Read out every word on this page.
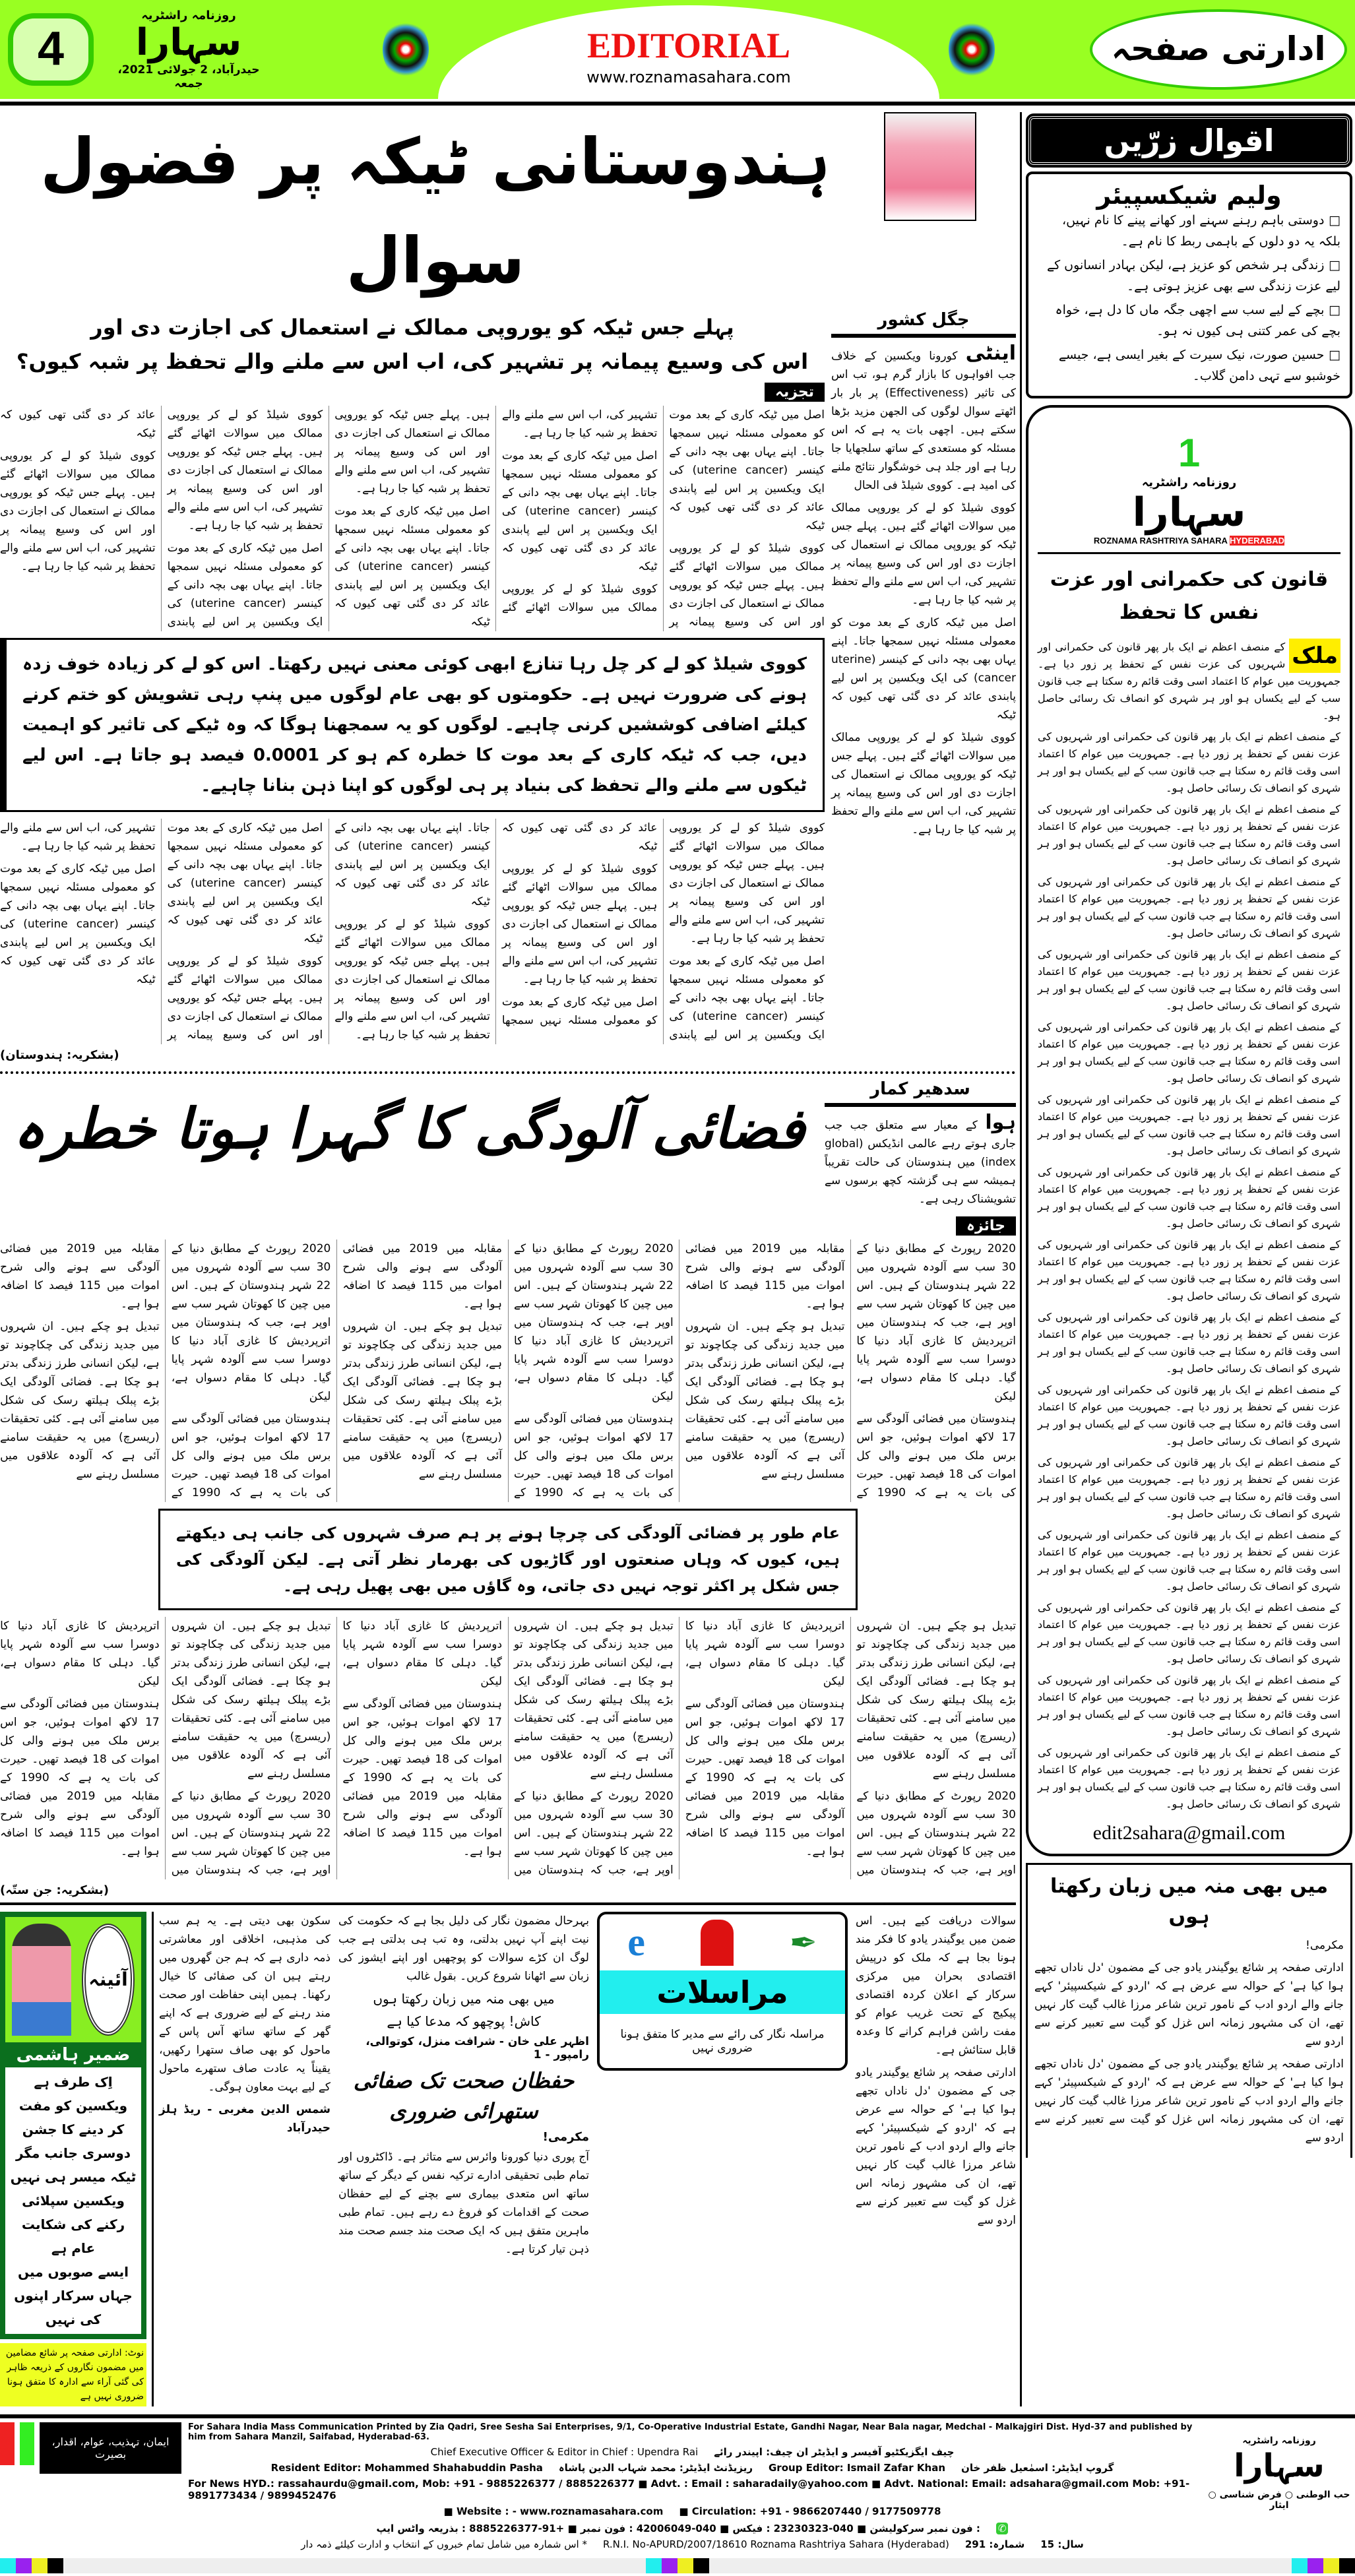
4
روزنامہ راشٹریہ
سہارا
حیدرآباد، 2 جولائی 2021، جمعہ
EDITORIAL
www.roznamasahara.com
ادارتی صفحہ
ہندوستانی ٹیکہ پر فضول سوال
پہلے جس ٹیکہ کو یوروپی ممالک نے استعمال کی اجازت دی اور
اس کی وسیع پیمانہ پر تشہیر کی، اب اس سے ملنے والے تحفظ پر شبہ کیوں؟
تجزیہ

اصل میں ٹیکہ کاری کے بعد موت کو معمولی مسئلہ نہیں سمجھا جاتا۔ اپنے یہاں بھی بچہ دانی کے کینسر (uterine cancer) کی ایک ویکسین پر اس لیے پابندی عائد کر دی گئی تھی کیوں کہ ٹیکہ

کووی شیلڈ کو لے کر یوروپی ممالک میں سوالات اٹھائے گئے ہیں۔ پہلے جس ٹیکہ کو یوروپی ممالک نے استعمال کی اجازت دی اور اس کی وسیع پیمانہ پر تشہیر کی، اب اس سے ملنے والے تحفظ پر شبہ کیا جا رہا ہے۔

اصل میں ٹیکہ کاری کے بعد موت کو معمولی مسئلہ نہیں سمجھا جاتا۔ اپنے یہاں بھی بچہ دانی کے کینسر (uterine cancer) کی ایک ویکسین پر اس لیے پابندی عائد کر دی گئی تھی کیوں کہ ٹیکہ

کووی شیلڈ کو لے کر یوروپی ممالک میں سوالات اٹھائے گئے ہیں۔ پہلے جس ٹیکہ کو یوروپی ممالک نے استعمال کی اجازت دی اور اس کی وسیع پیمانہ پر تشہیر کی، اب اس سے ملنے والے تحفظ پر شبہ کیا جا رہا ہے۔

اصل میں ٹیکہ کاری کے بعد موت کو معمولی مسئلہ نہیں سمجھا جاتا۔ اپنے یہاں بھی بچہ دانی کے کینسر (uterine cancer) کی ایک ویکسین پر اس لیے پابندی عائد کر دی گئی تھی کیوں کہ ٹیکہ

کووی شیلڈ کو لے کر یوروپی ممالک میں سوالات اٹھائے گئے ہیں۔ پہلے جس ٹیکہ کو یوروپی ممالک نے استعمال کی اجازت دی اور اس کی وسیع پیمانہ پر تشہیر کی، اب اس سے ملنے والے تحفظ پر شبہ کیا جا رہا ہے۔

اصل میں ٹیکہ کاری کے بعد موت کو معمولی مسئلہ نہیں سمجھا جاتا۔ اپنے یہاں بھی بچہ دانی کے کینسر (uterine cancer) کی ایک ویکسین پر اس لیے پابندی عائد کر دی گئی تھی کیوں کہ ٹیکہ

کووی شیلڈ کو لے کر یوروپی ممالک میں سوالات اٹھائے گئے ہیں۔ پہلے جس ٹیکہ کو یوروپی ممالک نے استعمال کی اجازت دی اور اس کی وسیع پیمانہ پر تشہیر کی، اب اس سے ملنے والے تحفظ پر شبہ کیا جا رہا ہے۔

کووی شیلڈ کو لے کر چل رہا تنازع ابھی کوئی معنی نہیں رکھتا۔ اس کو لے کر زیادہ خوف زدہ ہونے کی ضرورت نہیں ہے۔ حکومتوں کو بھی عام لوگوں میں پنپ رہی تشویش کو ختم کرنے کیلئے اضافی کوششیں کرنی چاہیے۔ لوگوں کو یہ سمجھنا ہوگا کہ وہ ٹیکے کی تاثیر کو اہمیت دیں، جب کہ ٹیکہ کاری کے بعد موت کا خطرہ کم ہو کر 0.0001 فیصد ہو جاتا ہے۔ اس لیے ٹیکوں سے ملنے والے تحفظ کی بنیاد پر ہی لوگوں کو اپنا ذہن بنانا چاہیے۔

کووی شیلڈ کو لے کر یوروپی ممالک میں سوالات اٹھائے گئے ہیں۔ پہلے جس ٹیکہ کو یوروپی ممالک نے استعمال کی اجازت دی اور اس کی وسیع پیمانہ پر تشہیر کی، اب اس سے ملنے والے تحفظ پر شبہ کیا جا رہا ہے۔

اصل میں ٹیکہ کاری کے بعد موت کو معمولی مسئلہ نہیں سمجھا جاتا۔ اپنے یہاں بھی بچہ دانی کے کینسر (uterine cancer) کی ایک ویکسین پر اس لیے پابندی عائد کر دی گئی تھی کیوں کہ ٹیکہ

کووی شیلڈ کو لے کر یوروپی ممالک میں سوالات اٹھائے گئے ہیں۔ پہلے جس ٹیکہ کو یوروپی ممالک نے استعمال کی اجازت دی اور اس کی وسیع پیمانہ پر تشہیر کی، اب اس سے ملنے والے تحفظ پر شبہ کیا جا رہا ہے۔

اصل میں ٹیکہ کاری کے بعد موت کو معمولی مسئلہ نہیں سمجھا جاتا۔ اپنے یہاں بھی بچہ دانی کے کینسر (uterine cancer) کی ایک ویکسین پر اس لیے پابندی عائد کر دی گئی تھی کیوں کہ ٹیکہ

کووی شیلڈ کو لے کر یوروپی ممالک میں سوالات اٹھائے گئے ہیں۔ پہلے جس ٹیکہ کو یوروپی ممالک نے استعمال کی اجازت دی اور اس کی وسیع پیمانہ پر تشہیر کی، اب اس سے ملنے والے تحفظ پر شبہ کیا جا رہا ہے۔

اصل میں ٹیکہ کاری کے بعد موت کو معمولی مسئلہ نہیں سمجھا جاتا۔ اپنے یہاں بھی بچہ دانی کے کینسر (uterine cancer) کی ایک ویکسین پر اس لیے پابندی عائد کر دی گئی تھی کیوں کہ ٹیکہ

کووی شیلڈ کو لے کر یوروپی ممالک میں سوالات اٹھائے گئے ہیں۔ پہلے جس ٹیکہ کو یوروپی ممالک نے استعمال کی اجازت دی اور اس کی وسیع پیمانہ پر تشہیر کی، اب اس سے ملنے والے تحفظ پر شبہ کیا جا رہا ہے۔

اصل میں ٹیکہ کاری کے بعد موت کو معمولی مسئلہ نہیں سمجھا جاتا۔ اپنے یہاں بھی بچہ دانی کے کینسر (uterine cancer) کی ایک ویکسین پر اس لیے پابندی عائد کر دی گئی تھی کیوں کہ ٹیکہ

(بشکریہ: ہندوستان)
جگل کشور

اینٹی کورونا ویکسین کے خلاف جب افواہوں کا بازار گرم ہو، تب اس کی تاثیر (Effectiveness) پر بار بار اٹھتے سوال لوگوں کی الجھن مزید بڑھا سکتے ہیں۔ اچھی بات یہ ہے کہ اس مسئلہ کو مستعدی کے ساتھ سلجھایا جا رہا ہے اور جلد ہی خوشگوار نتائج ملنے کی امید ہے۔ کووی شیلڈ فی الحال

کووی شیلڈ کو لے کر یوروپی ممالک میں سوالات اٹھائے گئے ہیں۔ پہلے جس ٹیکہ کو یوروپی ممالک نے استعمال کی اجازت دی اور اس کی وسیع پیمانہ پر تشہیر کی، اب اس سے ملنے والے تحفظ پر شبہ کیا جا رہا ہے۔

اصل میں ٹیکہ کاری کے بعد موت کو معمولی مسئلہ نہیں سمجھا جاتا۔ اپنے یہاں بھی بچہ دانی کے کینسر (uterine cancer) کی ایک ویکسین پر اس لیے پابندی عائد کر دی گئی تھی کیوں کہ ٹیکہ

کووی شیلڈ کو لے کر یوروپی ممالک میں سوالات اٹھائے گئے ہیں۔ پہلے جس ٹیکہ کو یوروپی ممالک نے استعمال کی اجازت دی اور اس کی وسیع پیمانہ پر تشہیر کی، اب اس سے ملنے والے تحفظ پر شبہ کیا جا رہا ہے۔

فضائی آلودگی کا گہرا ہوتا خطرہ
سدھیر کمار

ہوا کے معیار سے متعلق جب جب جاری ہوتے رہے عالمی انڈیکس (global index) میں ہندوستان کی حالت تقریباً ہمیشہ سے ہی گزشتہ کچھ برسوں سے تشویشناک رہی ہے۔

جائزہ

2020 رپورٹ کے مطابق دنیا کے 30 سب سے آلودہ شہروں میں 22 شہر ہندوستان کے ہیں۔ اس میں چین کا کھوتان شہر سب سے اوپر ہے، جب کہ ہندوستان میں اترپردیش کا غازی آباد دنیا کا دوسرا سب سے آلودہ شہر پایا گیا۔ دہلی کا مقام دسواں ہے، لیکن

ہندوستان میں فضائی آلودگی سے 17 لاکھ اموات ہوئیں، جو اس برس ملک میں ہونے والی کل اموات کی 18 فیصد تھیں۔ حیرت کی بات یہ ہے کہ 1990 کے مقابلہ میں 2019 میں فضائی آلودگی سے ہونے والی شرح اموات میں 115 فیصد کا اضافہ ہوا ہے۔

تبدیل ہو چکے ہیں۔ ان شہروں میں جدید زندگی کی چکاچوند تو ہے، لیکن انسانی طرز زندگی بدتر ہو چکا ہے۔ فضائی آلودگی ایک بڑے پبلک ہیلتھ رسک کی شکل میں سامنے آئی ہے۔ کئی تحقیقات (ریسرچ) میں یہ حقیقت سامنے آئی ہے کہ آلودہ علاقوں میں مسلسل رہنے سے

2020 رپورٹ کے مطابق دنیا کے 30 سب سے آلودہ شہروں میں 22 شہر ہندوستان کے ہیں۔ اس میں چین کا کھوتان شہر سب سے اوپر ہے، جب کہ ہندوستان میں اترپردیش کا غازی آباد دنیا کا دوسرا سب سے آلودہ شہر پایا گیا۔ دہلی کا مقام دسواں ہے، لیکن

ہندوستان میں فضائی آلودگی سے 17 لاکھ اموات ہوئیں، جو اس برس ملک میں ہونے والی کل اموات کی 18 فیصد تھیں۔ حیرت کی بات یہ ہے کہ 1990 کے مقابلہ میں 2019 میں فضائی آلودگی سے ہونے والی شرح اموات میں 115 فیصد کا اضافہ ہوا ہے۔

تبدیل ہو چکے ہیں۔ ان شہروں میں جدید زندگی کی چکاچوند تو ہے، لیکن انسانی طرز زندگی بدتر ہو چکا ہے۔ فضائی آلودگی ایک بڑے پبلک ہیلتھ رسک کی شکل میں سامنے آئی ہے۔ کئی تحقیقات (ریسرچ) میں یہ حقیقت سامنے آئی ہے کہ آلودہ علاقوں میں مسلسل رہنے سے

2020 رپورٹ کے مطابق دنیا کے 30 سب سے آلودہ شہروں میں 22 شہر ہندوستان کے ہیں۔ اس میں چین کا کھوتان شہر سب سے اوپر ہے، جب کہ ہندوستان میں اترپردیش کا غازی آباد دنیا کا دوسرا سب سے آلودہ شہر پایا گیا۔ دہلی کا مقام دسواں ہے، لیکن

ہندوستان میں فضائی آلودگی سے 17 لاکھ اموات ہوئیں، جو اس برس ملک میں ہونے والی کل اموات کی 18 فیصد تھیں۔ حیرت کی بات یہ ہے کہ 1990 کے مقابلہ میں 2019 میں فضائی آلودگی سے ہونے والی شرح اموات میں 115 فیصد کا اضافہ ہوا ہے۔

تبدیل ہو چکے ہیں۔ ان شہروں میں جدید زندگی کی چکاچوند تو ہے، لیکن انسانی طرز زندگی بدتر ہو چکا ہے۔ فضائی آلودگی ایک بڑے پبلک ہیلتھ رسک کی شکل میں سامنے آئی ہے۔ کئی تحقیقات (ریسرچ) میں یہ حقیقت سامنے آئی ہے کہ آلودہ علاقوں میں مسلسل رہنے سے

عام طور پر فضائی آلودگی کی چرچا ہونے پر ہم صرف شہروں کی جانب ہی دیکھتے ہیں، کیوں کہ وہاں صنعتوں اور گاڑیوں کی بھرمار نظر آتی ہے۔ لیکن آلودگی کی جس شکل پر اکثر توجہ نہیں دی جاتی، وہ گاؤں میں بھی پھیل رہی ہے۔

تبدیل ہو چکے ہیں۔ ان شہروں میں جدید زندگی کی چکاچوند تو ہے، لیکن انسانی طرز زندگی بدتر ہو چکا ہے۔ فضائی آلودگی ایک بڑے پبلک ہیلتھ رسک کی شکل میں سامنے آئی ہے۔ کئی تحقیقات (ریسرچ) میں یہ حقیقت سامنے آئی ہے کہ آلودہ علاقوں میں مسلسل رہنے سے

2020 رپورٹ کے مطابق دنیا کے 30 سب سے آلودہ شہروں میں 22 شہر ہندوستان کے ہیں۔ اس میں چین کا کھوتان شہر سب سے اوپر ہے، جب کہ ہندوستان میں اترپردیش کا غازی آباد دنیا کا دوسرا سب سے آلودہ شہر پایا گیا۔ دہلی کا مقام دسواں ہے، لیکن

ہندوستان میں فضائی آلودگی سے 17 لاکھ اموات ہوئیں، جو اس برس ملک میں ہونے والی کل اموات کی 18 فیصد تھیں۔ حیرت کی بات یہ ہے کہ 1990 کے مقابلہ میں 2019 میں فضائی آلودگی سے ہونے والی شرح اموات میں 115 فیصد کا اضافہ ہوا ہے۔

تبدیل ہو چکے ہیں۔ ان شہروں میں جدید زندگی کی چکاچوند تو ہے، لیکن انسانی طرز زندگی بدتر ہو چکا ہے۔ فضائی آلودگی ایک بڑے پبلک ہیلتھ رسک کی شکل میں سامنے آئی ہے۔ کئی تحقیقات (ریسرچ) میں یہ حقیقت سامنے آئی ہے کہ آلودہ علاقوں میں مسلسل رہنے سے

2020 رپورٹ کے مطابق دنیا کے 30 سب سے آلودہ شہروں میں 22 شہر ہندوستان کے ہیں۔ اس میں چین کا کھوتان شہر سب سے اوپر ہے، جب کہ ہندوستان میں اترپردیش کا غازی آباد دنیا کا دوسرا سب سے آلودہ شہر پایا گیا۔ دہلی کا مقام دسواں ہے، لیکن

ہندوستان میں فضائی آلودگی سے 17 لاکھ اموات ہوئیں، جو اس برس ملک میں ہونے والی کل اموات کی 18 فیصد تھیں۔ حیرت کی بات یہ ہے کہ 1990 کے مقابلہ میں 2019 میں فضائی آلودگی سے ہونے والی شرح اموات میں 115 فیصد کا اضافہ ہوا ہے۔

تبدیل ہو چکے ہیں۔ ان شہروں میں جدید زندگی کی چکاچوند تو ہے، لیکن انسانی طرز زندگی بدتر ہو چکا ہے۔ فضائی آلودگی ایک بڑے پبلک ہیلتھ رسک کی شکل میں سامنے آئی ہے۔ کئی تحقیقات (ریسرچ) میں یہ حقیقت سامنے آئی ہے کہ آلودہ علاقوں میں مسلسل رہنے سے

2020 رپورٹ کے مطابق دنیا کے 30 سب سے آلودہ شہروں میں 22 شہر ہندوستان کے ہیں۔ اس میں چین کا کھوتان شہر سب سے اوپر ہے، جب کہ ہندوستان میں اترپردیش کا غازی آباد دنیا کا دوسرا سب سے آلودہ شہر پایا گیا۔ دہلی کا مقام دسواں ہے، لیکن

ہندوستان میں فضائی آلودگی سے 17 لاکھ اموات ہوئیں، جو اس برس ملک میں ہونے والی کل اموات کی 18 فیصد تھیں۔ حیرت کی بات یہ ہے کہ 1990 کے مقابلہ میں 2019 میں فضائی آلودگی سے ہونے والی شرح اموات میں 115 فیصد کا اضافہ ہوا ہے۔

(بشکریہ: جن ستّہ)
آئینہ
ضمیر ہاشمی
اِک طرف ہے ویکسین کو مفت کر دینے کا جشن
دوسری جانب مگر ٹیکہ میسر ہی نہیں
ویکسین سپلائی رکنے کی شکایت عام ہے
ایسے صوبوں میں جہاں سرکار اپنوں کی نہیں
نوٹ: ادارتی صفحہ پر شائع مضامین میں مضمون نگاروں کے ذریعہ ظاہر کی گئی آراء سے ادارہ کا متفق ہونا ضروری نہیں ہے

سکون بھی دیتی ہے۔ یہ ہم سب کی مذہبی، اخلاقی اور معاشرتی ذمہ داری ہے کہ ہم جن گھروں میں رہتے ہیں ان کی صفائی کا خیال رکھنا۔ ہمیں اپنی حفاظت اور صحت مند رہنے کے لیے ضروری ہے کہ اپنے گھر کے ساتھ ساتھ آس پاس کے ماحول کو بھی صاف ستھرا رکھیں، یقیناً یہ عادت صاف ستھرے ماحول کے لیے بہت معاون ہوگی۔

شمس الدین مغربی - ریڈ ہلز حیدرآباد

بہرحال مضمون نگار کی دلیل بجا ہے کہ حکومت کی نیت اپنے آپ نہیں بدلتی، وہ تب ہی بدلتی ہے جب لوگ ان کڑے سوالات کو پوچھیں اور اپنے ایشوز کی زبان سے اٹھانا شروع کریں۔ بقول غالب

میں بھی منہ میں زبان رکھتا ہوں

کاش! پوچھو کہ مدعا کیا ہے

اظہر علی خان - شرافت منزل، کوتوالی، رامپور - 1
حفظان صحت تک صفائی ستھرائی ضروری
مکرمی!
آج پوری دنیا کورونا وائرس سے متاثر ہے۔ ڈاکٹروں اور تمام طبی تحقیقی ادارے ترکیہ نفس کے دیگر کے ساتھ ساتھ اس متعدی بیماری سے بچنے کے لیے حفظان صحت کے اقدامات کو فروغ دے رہے ہیں۔ تمام طبی ماہرین متفق ہیں کہ ایک صحت مند جسم صحت مند ذہن تیار کرتا ہے۔
e	✒
مراسلات
مراسلہ نگار کی رائے سے مدیر کا متفق ہونا ضروری نہیں

سوالات دریافت کیے ہیں۔ اس ضمن میں یوگیندر یادو کا فکر مند ہونا بجا ہے کہ ملک کو درپیش اقتصادی بحران میں مرکزی سرکار کے اعلان کردہ اقتصادی پیکیج کے تحت غریب عوام کو مفت راشن فراہم کرانے کا وعدہ قابل ستائش ہے۔

ادارتی صفحہ پر شائع یوگیندر یادو جی کے مضمون 'دل ناداں تجھے ہوا کیا ہے' کے حوالہ سے عرض ہے کہ 'اردو کے شیکسپیئر' کہے جانے والے اردو ادب کے نامور ترین شاعر مرزا غالب گیت کار نہیں تھے، ان کی مشہور زمانہ اس غزل کو گیت سے تعبیر کرنے سے اردو سے

اقوال زرّیں
ولیم شیکسپیئر
□ دوستی باہم رہنے سہنے اور کھانے پینے کا نام نہیں، بلکہ یہ دو دلوں کے باہمی ربط کا نام ہے۔
□ زندگی ہر شخص کو عزیز ہے، لیکن بہادر انسانوں کے لیے عزت زندگی سے بھی عزیز ہوتی ہے۔
□ بچے کے لیے سب سے اچھی جگہ ماں کا دل ہے، خواہ بچے کی عمر کتنی ہی کیوں نہ ہو۔
□ حسین صورت، نیک سیرت کے بغیر ایسی ہے، جیسے خوشبو سے تہی دامن گلاب۔
1
روزنامہ راشٹریہ
سہارا
ROZNAMA RASHTRIYA SAHARA HYDERABAD
قانون کی حکمرانی اور عزت نفس کا تحفظ

ملک
کے منصف اعظم نے ایک بار پھر قانون کی حکمرانی اور شہریوں کی عزت نفس کے تحفظ پر زور دیا ہے۔ جمہوریت میں عوام کا اعتماد اسی وقت قائم رہ سکتا ہے جب قانون سب کے لیے یکساں ہو اور ہر شہری کو انصاف تک رسائی حاصل ہو۔

کے منصف اعظم نے ایک بار پھر قانون کی حکمرانی اور شہریوں کی عزت نفس کے تحفظ پر زور دیا ہے۔ جمہوریت میں عوام کا اعتماد اسی وقت قائم رہ سکتا ہے جب قانون سب کے لیے یکساں ہو اور ہر شہری کو انصاف تک رسائی حاصل ہو۔

کے منصف اعظم نے ایک بار پھر قانون کی حکمرانی اور شہریوں کی عزت نفس کے تحفظ پر زور دیا ہے۔ جمہوریت میں عوام کا اعتماد اسی وقت قائم رہ سکتا ہے جب قانون سب کے لیے یکساں ہو اور ہر شہری کو انصاف تک رسائی حاصل ہو۔

کے منصف اعظم نے ایک بار پھر قانون کی حکمرانی اور شہریوں کی عزت نفس کے تحفظ پر زور دیا ہے۔ جمہوریت میں عوام کا اعتماد اسی وقت قائم رہ سکتا ہے جب قانون سب کے لیے یکساں ہو اور ہر شہری کو انصاف تک رسائی حاصل ہو۔

کے منصف اعظم نے ایک بار پھر قانون کی حکمرانی اور شہریوں کی عزت نفس کے تحفظ پر زور دیا ہے۔ جمہوریت میں عوام کا اعتماد اسی وقت قائم رہ سکتا ہے جب قانون سب کے لیے یکساں ہو اور ہر شہری کو انصاف تک رسائی حاصل ہو۔

کے منصف اعظم نے ایک بار پھر قانون کی حکمرانی اور شہریوں کی عزت نفس کے تحفظ پر زور دیا ہے۔ جمہوریت میں عوام کا اعتماد اسی وقت قائم رہ سکتا ہے جب قانون سب کے لیے یکساں ہو اور ہر شہری کو انصاف تک رسائی حاصل ہو۔

کے منصف اعظم نے ایک بار پھر قانون کی حکمرانی اور شہریوں کی عزت نفس کے تحفظ پر زور دیا ہے۔ جمہوریت میں عوام کا اعتماد اسی وقت قائم رہ سکتا ہے جب قانون سب کے لیے یکساں ہو اور ہر شہری کو انصاف تک رسائی حاصل ہو۔

کے منصف اعظم نے ایک بار پھر قانون کی حکمرانی اور شہریوں کی عزت نفس کے تحفظ پر زور دیا ہے۔ جمہوریت میں عوام کا اعتماد اسی وقت قائم رہ سکتا ہے جب قانون سب کے لیے یکساں ہو اور ہر شہری کو انصاف تک رسائی حاصل ہو۔

کے منصف اعظم نے ایک بار پھر قانون کی حکمرانی اور شہریوں کی عزت نفس کے تحفظ پر زور دیا ہے۔ جمہوریت میں عوام کا اعتماد اسی وقت قائم رہ سکتا ہے جب قانون سب کے لیے یکساں ہو اور ہر شہری کو انصاف تک رسائی حاصل ہو۔

کے منصف اعظم نے ایک بار پھر قانون کی حکمرانی اور شہریوں کی عزت نفس کے تحفظ پر زور دیا ہے۔ جمہوریت میں عوام کا اعتماد اسی وقت قائم رہ سکتا ہے جب قانون سب کے لیے یکساں ہو اور ہر شہری کو انصاف تک رسائی حاصل ہو۔

کے منصف اعظم نے ایک بار پھر قانون کی حکمرانی اور شہریوں کی عزت نفس کے تحفظ پر زور دیا ہے۔ جمہوریت میں عوام کا اعتماد اسی وقت قائم رہ سکتا ہے جب قانون سب کے لیے یکساں ہو اور ہر شہری کو انصاف تک رسائی حاصل ہو۔

کے منصف اعظم نے ایک بار پھر قانون کی حکمرانی اور شہریوں کی عزت نفس کے تحفظ پر زور دیا ہے۔ جمہوریت میں عوام کا اعتماد اسی وقت قائم رہ سکتا ہے جب قانون سب کے لیے یکساں ہو اور ہر شہری کو انصاف تک رسائی حاصل ہو۔

کے منصف اعظم نے ایک بار پھر قانون کی حکمرانی اور شہریوں کی عزت نفس کے تحفظ پر زور دیا ہے۔ جمہوریت میں عوام کا اعتماد اسی وقت قائم رہ سکتا ہے جب قانون سب کے لیے یکساں ہو اور ہر شہری کو انصاف تک رسائی حاصل ہو۔

کے منصف اعظم نے ایک بار پھر قانون کی حکمرانی اور شہریوں کی عزت نفس کے تحفظ پر زور دیا ہے۔ جمہوریت میں عوام کا اعتماد اسی وقت قائم رہ سکتا ہے جب قانون سب کے لیے یکساں ہو اور ہر شہری کو انصاف تک رسائی حاصل ہو۔

کے منصف اعظم نے ایک بار پھر قانون کی حکمرانی اور شہریوں کی عزت نفس کے تحفظ پر زور دیا ہے۔ جمہوریت میں عوام کا اعتماد اسی وقت قائم رہ سکتا ہے جب قانون سب کے لیے یکساں ہو اور ہر شہری کو انصاف تک رسائی حاصل ہو۔

کے منصف اعظم نے ایک بار پھر قانون کی حکمرانی اور شہریوں کی عزت نفس کے تحفظ پر زور دیا ہے۔ جمہوریت میں عوام کا اعتماد اسی وقت قائم رہ سکتا ہے جب قانون سب کے لیے یکساں ہو اور ہر شہری کو انصاف تک رسائی حاصل ہو۔

edit2sahara@gmail.com
میں بھی منہ میں زبان رکھتا ہوں
مکرمی!

ادارتی صفحہ پر شائع یوگیندر یادو جی کے مضمون 'دل ناداں تجھے ہوا کیا ہے' کے حوالہ سے عرض ہے کہ 'اردو کے شیکسپیئر' کہے جانے والے اردو ادب کے نامور ترین شاعر مرزا غالب گیت کار نہیں تھے، ان کی مشہور زمانہ اس غزل کو گیت سے تعبیر کرنے سے اردو سے

ادارتی صفحہ پر شائع یوگیندر یادو جی کے مضمون 'دل ناداں تجھے ہوا کیا ہے' کے حوالہ سے عرض ہے کہ 'اردو کے شیکسپیئر' کہے جانے والے اردو ادب کے نامور ترین شاعر مرزا غالب گیت کار نہیں تھے، ان کی مشہور زمانہ اس غزل کو گیت سے تعبیر کرنے سے اردو سے

ایمان، تہذیب، عوام، اقدار، بصیرت
For Sahara India Mass Communication Printed by Zia Qadri, Sree Sesha Sai Enterprises, 9/1, Co-Operative Industrial Estate, Gandhi Nagar, Near Bala nagar, Medchal - Malkajgiri Dist. Hyd-37 and published by him from Sahara Manzil, Saifabad, Hyderabad-63.
Chief Executive Officer & Editor in Chief : Upendra Rai چیف ایگزیکٹیو آفیسر و ایڈیٹر ان چیف: اپیندر رائے
Resident Editor: Mohammed Shahabuddin Pasha ریزیڈنٹ ایڈیٹر: محمد شہاب الدین پاشاہ Group Editor: Ismail Zafar Khan گروپ ایڈیٹر: اسمٰعیل ظفر خان
For News HYD.: rassahaurdu@gmail.com, Mob: +91 - 9885226377 / 8885226377 ■ Advt. : Email : saharadaily@yahoo.com ■ Advt. National: Email: adsahara@gmail.com Mob: +91-9891773434 / 9899452476
■ Website : - www.roznamasahara.com ■ Circulation: +91 - 9866207440 / 9177509778
: فون نمبر سرکولیشن ■ 040-23230323 : فیکس ■ 040-42006049 : فون نمبر ■ +91-8885226377 : بذریعہ واٹس ایپ ✆
* اس شمارہ میں شامل تمام خبروں کے انتخاب و ادارت کیلئے ذمہ دار R.N.I. No-APURD/2007/18610 Roznama Rashtriya Sahara (Hyderabad) شمارہ: 291 سال: 15
روزنامہ راشٹریہ
سہارا
حب الوطنی ○ فرض شناسی ○ ایثار
